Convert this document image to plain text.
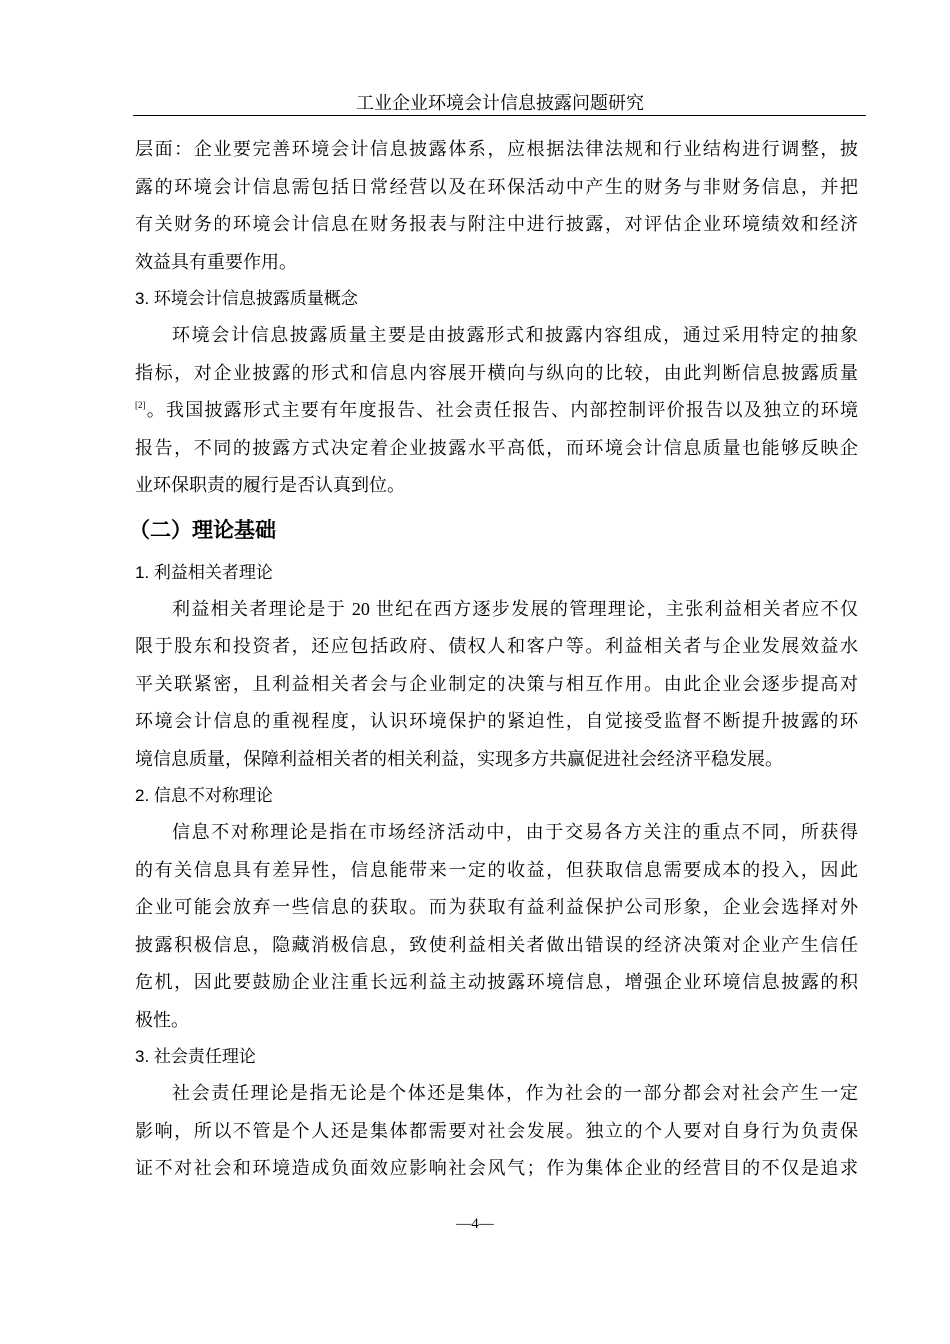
工业企业环境会计信息披露问题研究
层面：企业要完善环境会计信息披露体系，应根据法律法规和行业结构进行调整，披
露的环境会计信息需包括日常经营以及在环保活动中产生的财务与非财务信息，并把
有关财务的环境会计信息在财务报表与附注中进行披露，对评估企业环境绩效和经济
效益具有重要作用。
3. 环境会计信息披露质量概念
环境会计信息披露质量主要是由披露形式和披露内容组成，通过采用特定的抽象
指标，对企业披露的形式和信息内容展开横向与纵向的比较，由此判断信息披露质量
[2]。我国披露形式主要有年度报告、社会责任报告、内部控制评价报告以及独立的环境
报告，不同的披露方式决定着企业披露水平高低，而环境会计信息质量也能够反映企
业环保职责的履行是否认真到位。
（二）理论基础
1. 利益相关者理论
利益相关者理论是于 20 世纪在西方逐步发展的管理理论，主张利益相关者应不仅
限于股东和投资者，还应包括政府、债权人和客户等。利益相关者与企业发展效益水
平关联紧密，且利益相关者会与企业制定的决策与相互作用。由此企业会逐步提高对
环境会计信息的重视程度，认识环境保护的紧迫性，自觉接受监督不断提升披露的环
境信息质量，保障利益相关者的相关利益，实现多方共赢促进社会经济平稳发展。
2. 信息不对称理论
信息不对称理论是指在市场经济活动中，由于交易各方关注的重点不同，所获得
的有关信息具有差异性，信息能带来一定的收益，但获取信息需要成本的投入，因此
企业可能会放弃一些信息的获取。而为获取有益利益保护公司形象，企业会选择对外
披露积极信息，隐藏消极信息，致使利益相关者做出错误的经济决策对企业产生信任
危机，因此要鼓励企业注重长远利益主动披露环境信息，增强企业环境信息披露的积
极性。
3. 社会责任理论
社会责任理论是指无论是个体还是集体，作为社会的一部分都会对社会产生一定
影响，所以不管是个人还是集体都需要对社会发展。独立的个人要对自身行为负责保
证不对社会和环境造成负面效应影响社会风气；作为集体企业的经营目的不仅是追求
—4—
